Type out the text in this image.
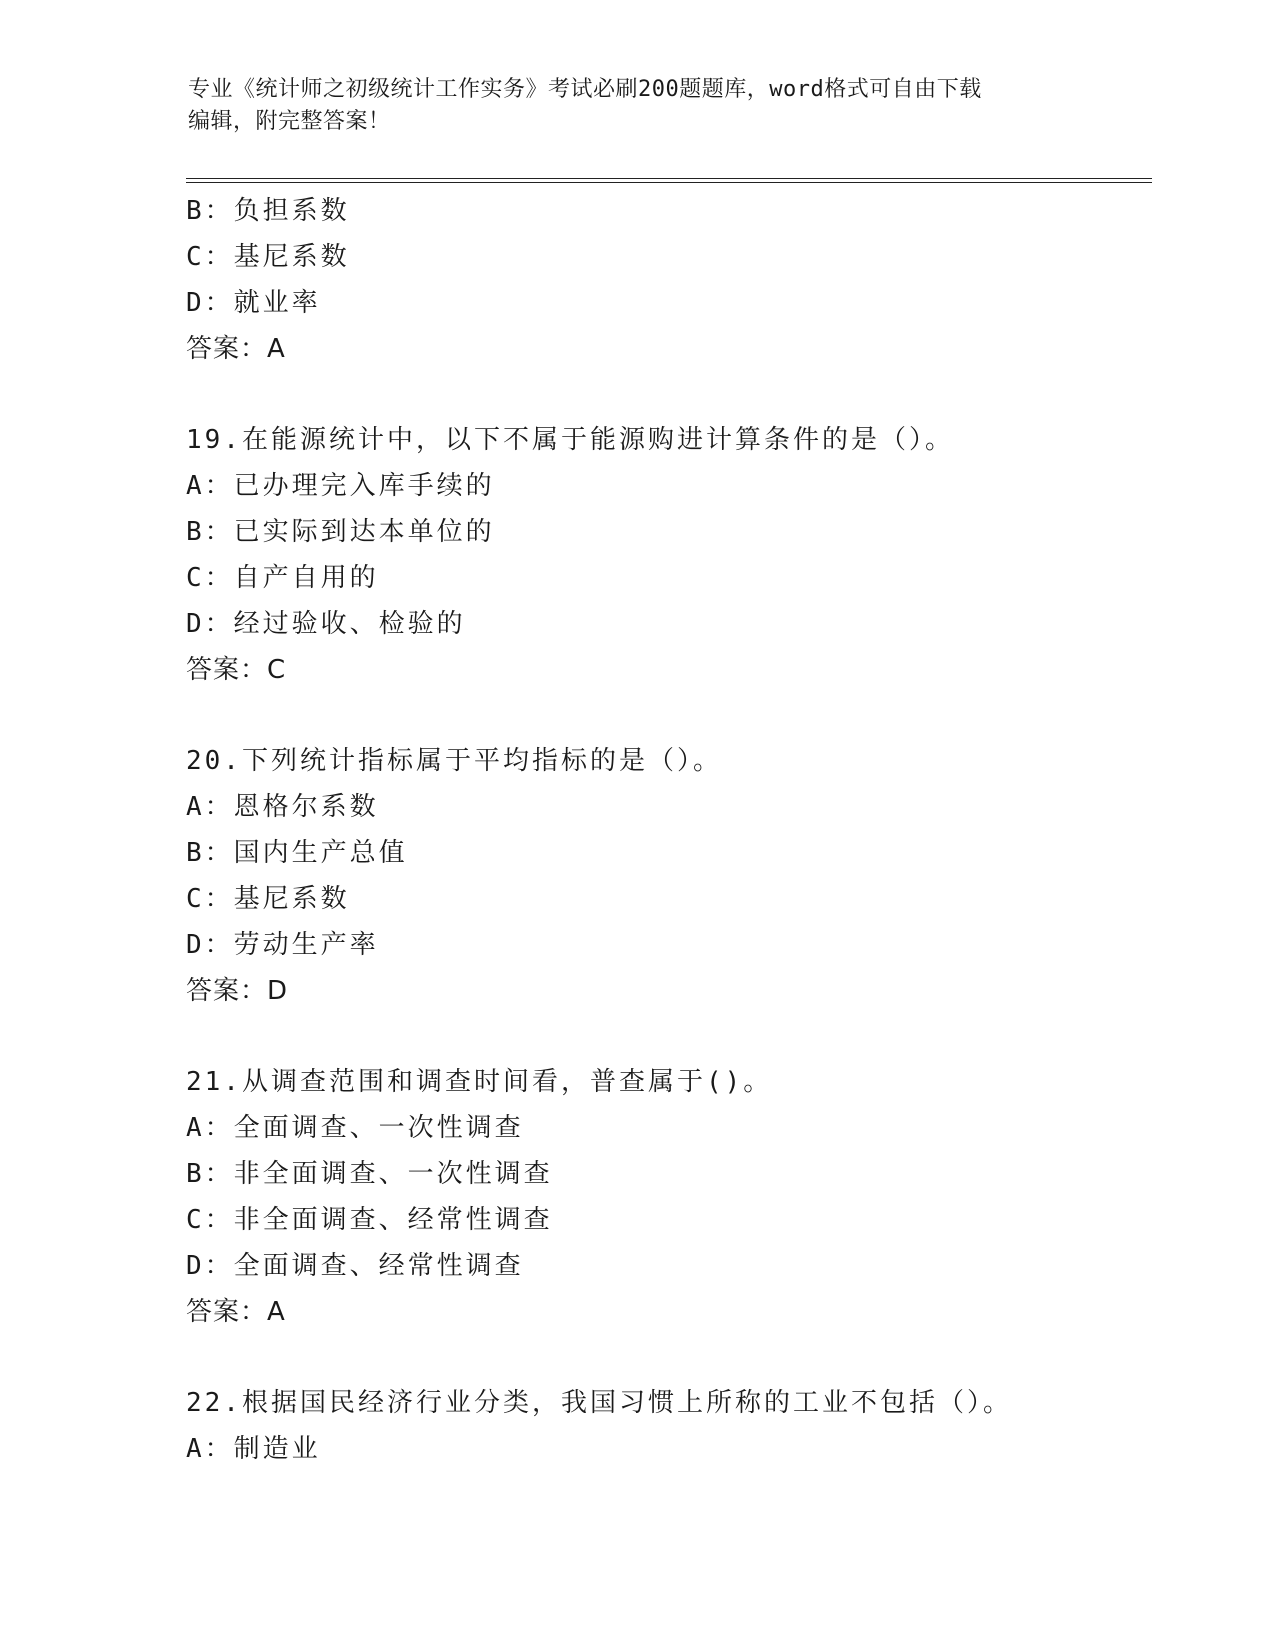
专业《统计师之初级统计工作实务》考试必刷200题题库，word格式可自由下载
编辑，附完整答案！
B：负担系数
C：基尼系数
D：就业率
答案：A
19.在能源统计中，以下不属于能源购进计算条件的是（）。
A：已办理完入库手续的
B：已实际到达本单位的
C：自产自用的
D：经过验收、检验的
答案：C
20.下列统计指标属于平均指标的是（）。
A：恩格尔系数
B：国内生产总值
C：基尼系数
D：劳动生产率
答案：D
21.从调查范围和调查时间看，普查属于()。
A：全面调查、一次性调查
B：非全面调查、一次性调查
C：非全面调查、经常性调查
D：全面调查、经常性调查
答案：A
22.根据国民经济行业分类，我国习惯上所称的工业不包括（）。
A：制造业
